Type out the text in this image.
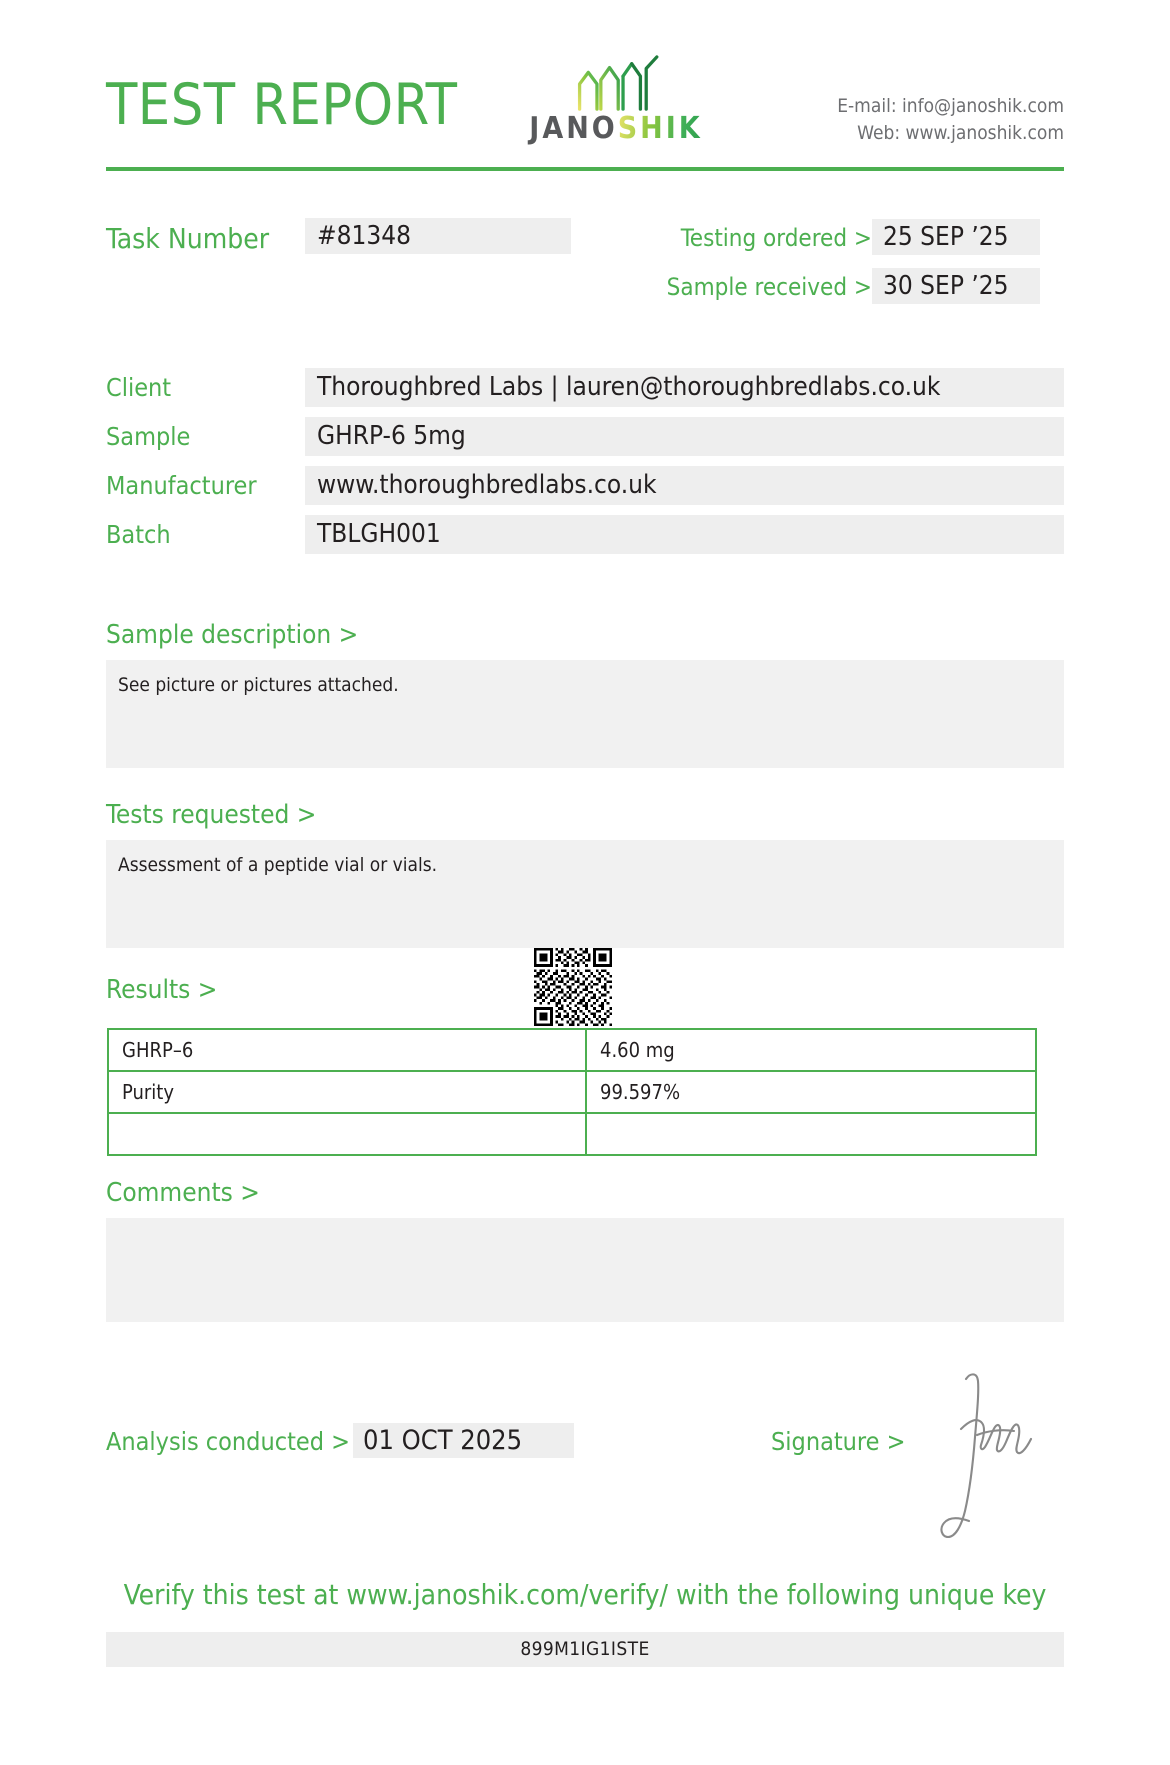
TEST REPORT	JANOSHIK
E-mail: info@janoshik.com
Web: www.janoshik.com
Task Number	#81348	Testing ordered > 25 SEP ’25
Sample received > 30 SEP ’25
Client	Thoroughbred Labs | lauren@thoroughbredlabs.co.uk
Sample	GHRP-6 5mg
Manufacturer	www.thoroughbredlabs.co.uk
Batch	TBLGH001
Sample description >
See picture or pictures attached.
Tests requested >
Assessment of a peptide vial or vials.
Results >
GHRP–6	4.60 mg
Purity	99.597%

Comments >
Analysis conducted > 01 OCT 2025	Signature >
Verify this test at www.janoshik.com/verify/ with the following unique key
899M1IG1ISTE
